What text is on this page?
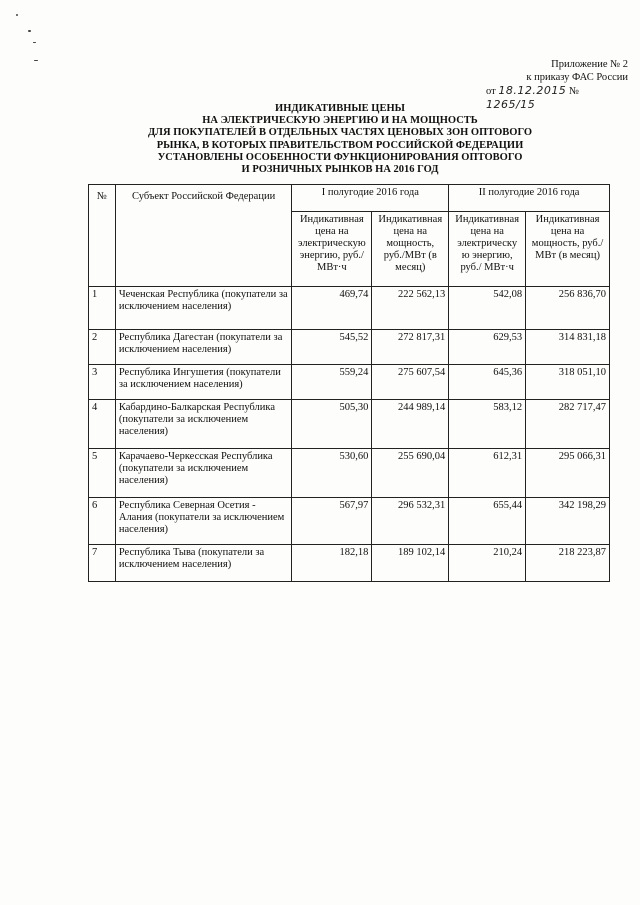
Приложение № 2
к приказу ФАС России
от 18.12.2015 № 1265/15
ИНДИКАТИВНЫЕ ЦЕНЫ
НА ЭЛЕКТРИЧЕСКУЮ ЭНЕРГИЮ И НА МОЩНОСТЬ
ДЛЯ ПОКУПАТЕЛЕЙ В ОТДЕЛЬНЫХ ЧАСТЯХ ЦЕНОВЫХ ЗОН ОПТОВОГО
РЫНКА, В КОТОРЫХ ПРАВИТЕЛЬСТВОМ РОССИЙСКОЙ ФЕДЕРАЦИИ
УСТАНОВЛЕНЫ ОСОБЕННОСТИ ФУНКЦИОНИРОВАНИЯ ОПТОВОГО
И РОЗНИЧНЫХ РЫНКОВ НА 2016 ГОД
№	Субъект Российской Федерации	I полугодие 2016 года		II полугодие 2016 года	
		Индикативная цена на электрическую энергию, руб./ МВт·ч	Индикативная цена на мощность, руб./МВт (в месяц)	Индикативная цена на электрическу ю энергию, руб./ МВт·ч	Индикативная цена на мощность, руб./МВт (в месяц)
1	Чеченская Республика (покупатели за исключением населения)	469,74	222 562,13	542,08	256 836,70
2	Республика Дагестан (покупатели за исключением населения)	545,52	272 817,31	629,53	314 831,18
3	Республика Ингушетия (покупатели за исключением населения)	559,24	275 607,54	645,36	318 051,10
4	Кабардино-Балкарская Республика (покупатели за исключением населения)	505,30	244 989,14	583,12	282 717,47
5	Карачаево-Черкесская Республика (покупатели за исключением населения)	530,60	255 690,04	612,31	295 066,31
6	Республика Северная Осетия - Алания (покупатели за исключением населения)	567,97	296 532,31	655,44	342 198,29
7	Республика Тыва (покупатели за исключением населения)	182,18	189 102,14	210,24	218 223,87
